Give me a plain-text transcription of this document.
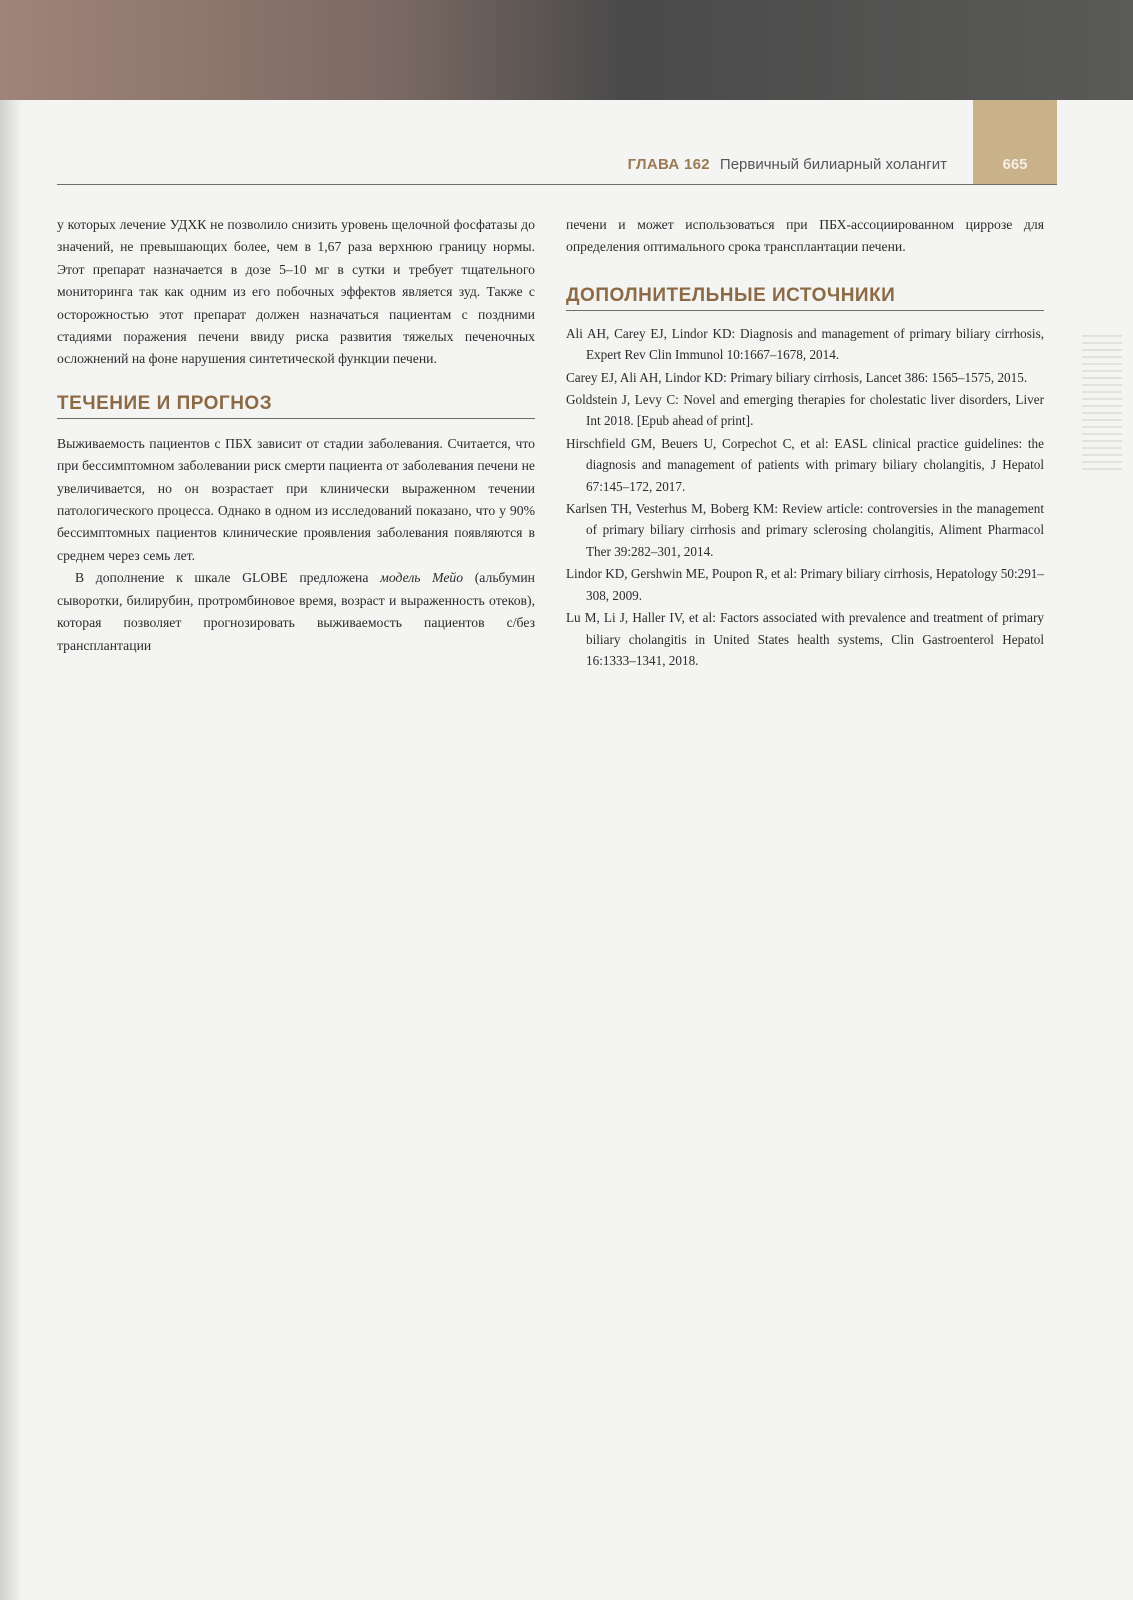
ГЛАВА 162 Первичный билиарный холангит	665

у которых лечение УДХК не позволило снизить уровень щелочной фосфатазы до значений, не превышающих более, чем в 1,67 раза верхнюю границу нормы. Этот препарат назначается в дозе 5–10 мг в сутки и требует тщательного мониторинга так как одним из его побочных эффектов является зуд. Также с осторожностью этот препарат должен назначаться пациентам с поздними стадиями поражения печени ввиду риска развития тяжелых печеночных осложнений на фоне нарушения синтетической функции печени.

ТЕЧЕНИЕ И ПРОГНОЗ

Выживаемость пациентов с ПБХ зависит от стадии заболевания. Считается, что при бессимптомном заболевании риск смерти пациента от заболевания печени не увеличивается, но он возрастает при клинически выраженном течении патологического процесса. Однако в одном из исследований показано, что у 90% бессимптомных пациентов клинические проявления заболевания появляются в среднем через семь лет.

В дополнение к шкале GLOBE предложена модель Мейо (альбумин сыворотки, билирубин, протромбиновое время, возраст и выраженность отеков), которая позволяет прогнозировать выживаемость пациентов с/без трансплантации

печени и может использоваться при ПБХ-ассоциированном циррозе для определения оптимального срока трансплантации печени.

ДОПОЛНИТЕЛЬНЫЕ ИСТОЧНИКИ
Ali AH, Carey EJ, Lindor KD: Diagnosis and management of primary biliary cirrhosis, Expert Rev Clin Immunol 10:1667–1678, 2014.
Carey EJ, Ali AH, Lindor KD: Primary biliary cirrhosis, Lancet 386: 1565–1575, 2015.
Goldstein J, Levy C: Novel and emerging therapies for cholestatic liver disorders, Liver Int 2018. [Epub ahead of print].
Hirschfield GM, Beuers U, Corpechot C, et al: EASL clinical practice guidelines: the diagnosis and management of patients with primary biliary cholangitis, J Hepatol 67:145–172, 2017.
Karlsen TH, Vesterhus M, Boberg KM: Review article: controversies in the management of primary biliary cirrhosis and primary sclerosing cholangitis, Aliment Pharmacol Ther 39:282–301, 2014.
Lindor KD, Gershwin ME, Poupon R, et al: Primary biliary cirrhosis, Hepatology 50:291–308, 2009.
Lu M, Li J, Haller IV, et al: Factors associated with prevalence and treatment of primary biliary cholangitis in United States health systems, Clin Gastroenterol Hepatol 16:1333–1341, 2018.
